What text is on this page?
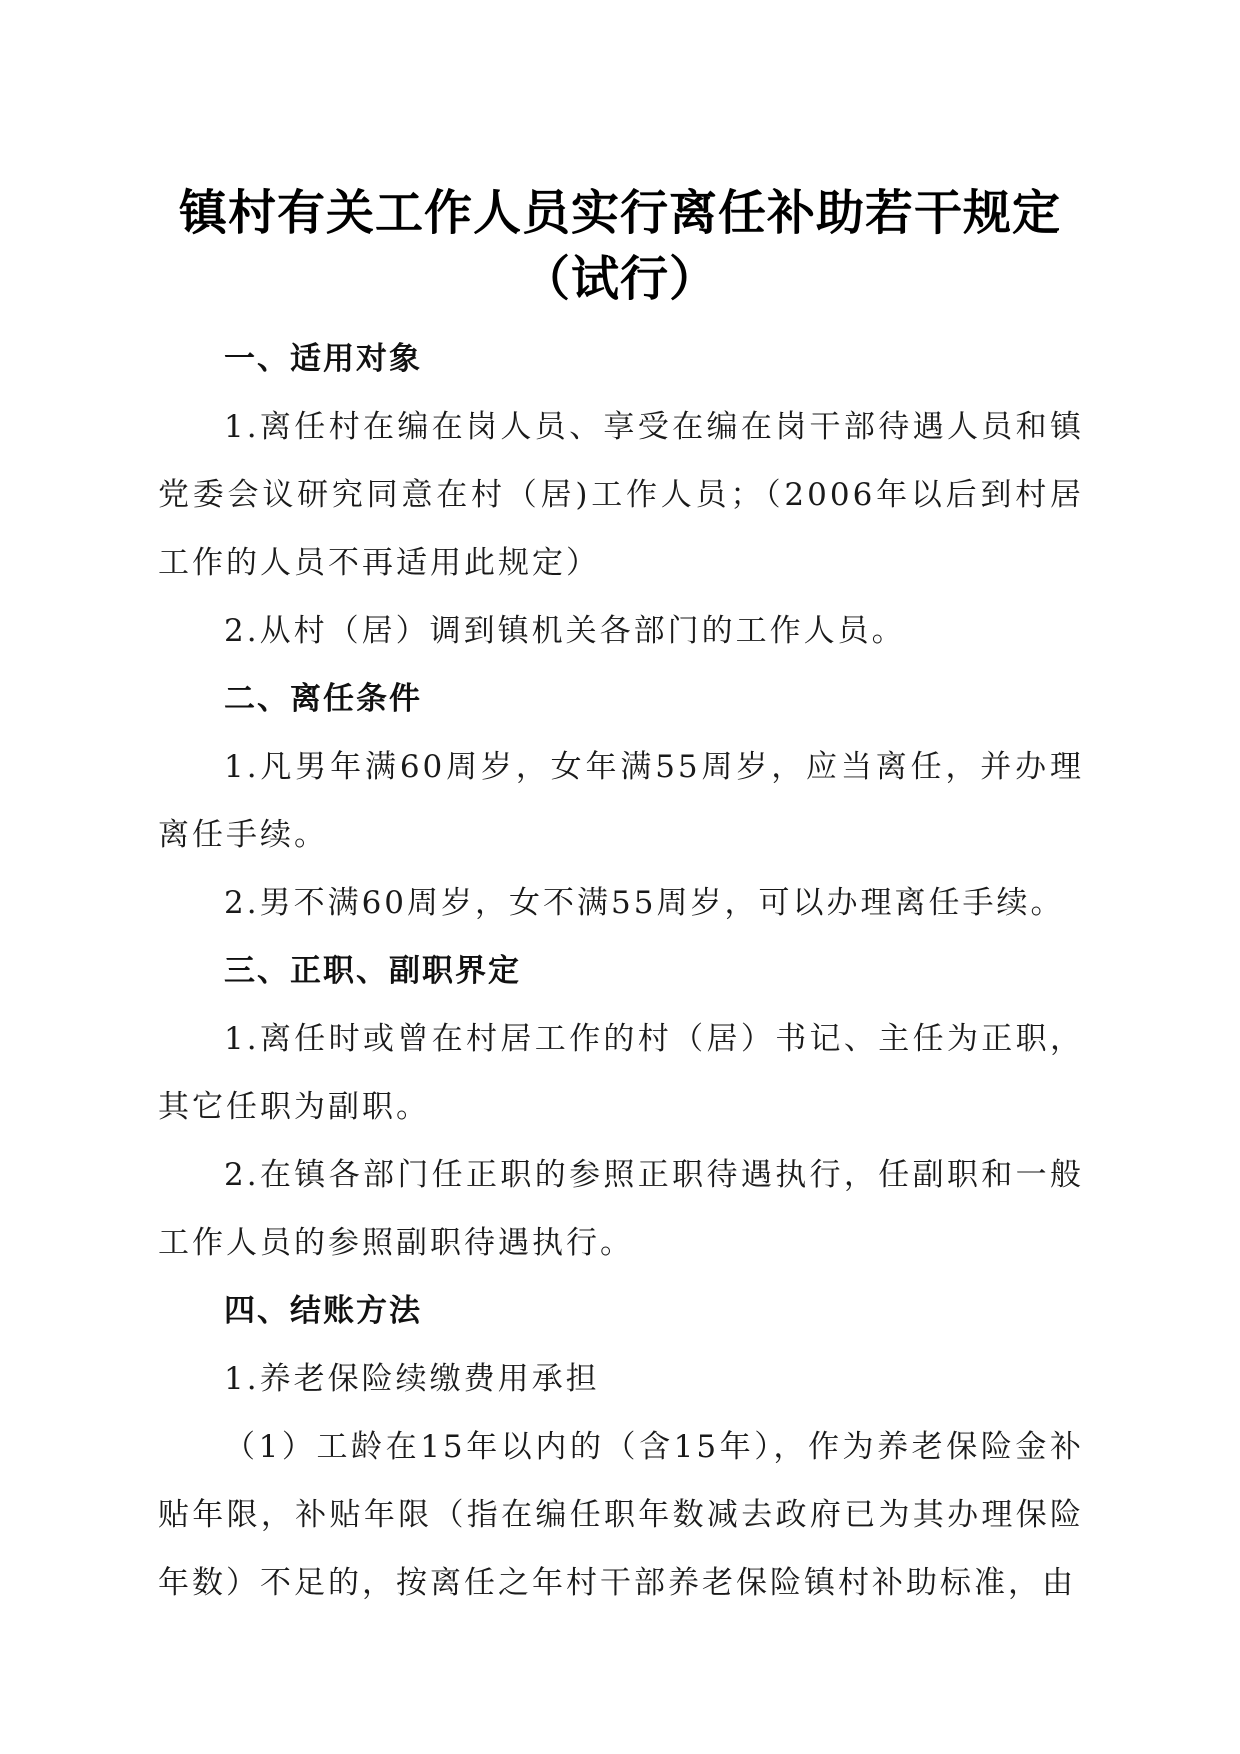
镇村有关工作人员实行离任补助若干规定（试行）

一、适用对象

1.离任村在编在岗人员、享受在编在岗干部待遇人员和镇党委会议研究同意在村（居)工作人员；（2006年以后到村居工作的人员不再适用此规定）

2.从村（居）调到镇机关各部门的工作人员。

二、离任条件

1.凡男年满60周岁，女年满55周岁，应当离任，并办理离任手续。

2.男不满60周岁，女不满55周岁，可以办理离任手续。

三、正职、副职界定

1.离任时或曾在村居工作的村（居）书记、主任为正职，其它任职为副职。

2.在镇各部门任正职的参照正职待遇执行，任副职和一般工作人员的参照副职待遇执行。

四、结账方法

1.养老保险续缴费用承担

（1）工龄在15年以内的（含15年），作为养老保险金补贴年限，补贴年限（指在编任职年数减去政府已为其办理保险年数）不足的，按离任之年村干部养老保险镇村补助标准，由
